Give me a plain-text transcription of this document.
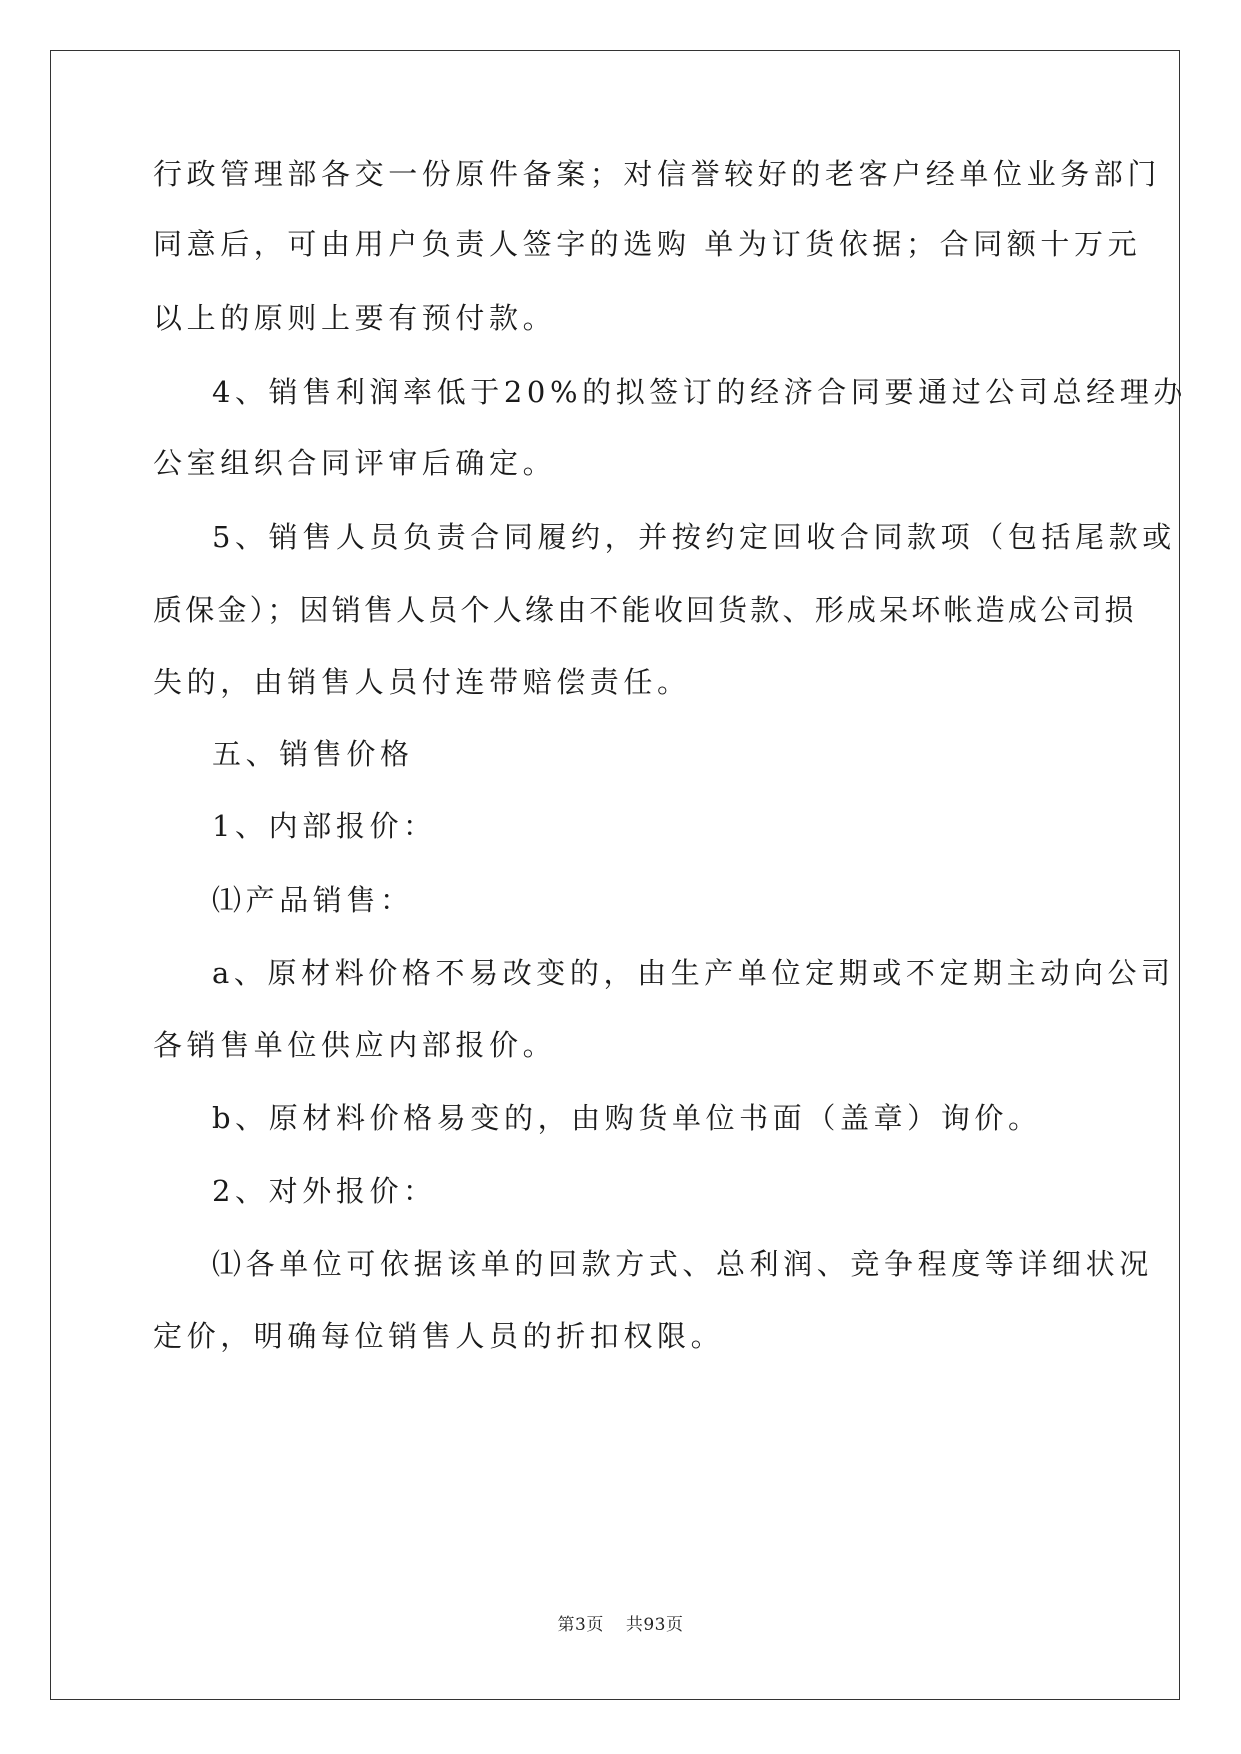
行政管理部各交一份原件备案；对信誉较好的老客户经单位业务部门
同意后，可由用户负责人签字的选购 单为订货依据；合同额十万元
以上的原则上要有预付款。
4、销售利润率低于20%的拟签订的经济合同要通过公司总经理办
公室组织合同评审后确定。
5、销售人员负责合同履约，并按约定回收合同款项（包括尾款或
质保金）；因销售人员个人缘由不能收回货款、形成呆坏帐造成公司损
失的，由销售人员付连带赔偿责任。
五、销售价格
1、内部报价：
⑴产品销售：
a、原材料价格不易改变的，由生产单位定期或不定期主动向公司
各销售单位供应内部报价。
b、原材料价格易变的，由购货单位书面（盖章）询价。
2、对外报价：
⑴各单位可依据该单的回款方式、总利润、竞争程度等详细状况
定价，明确每位销售人员的折扣权限。
第3页 共93页
